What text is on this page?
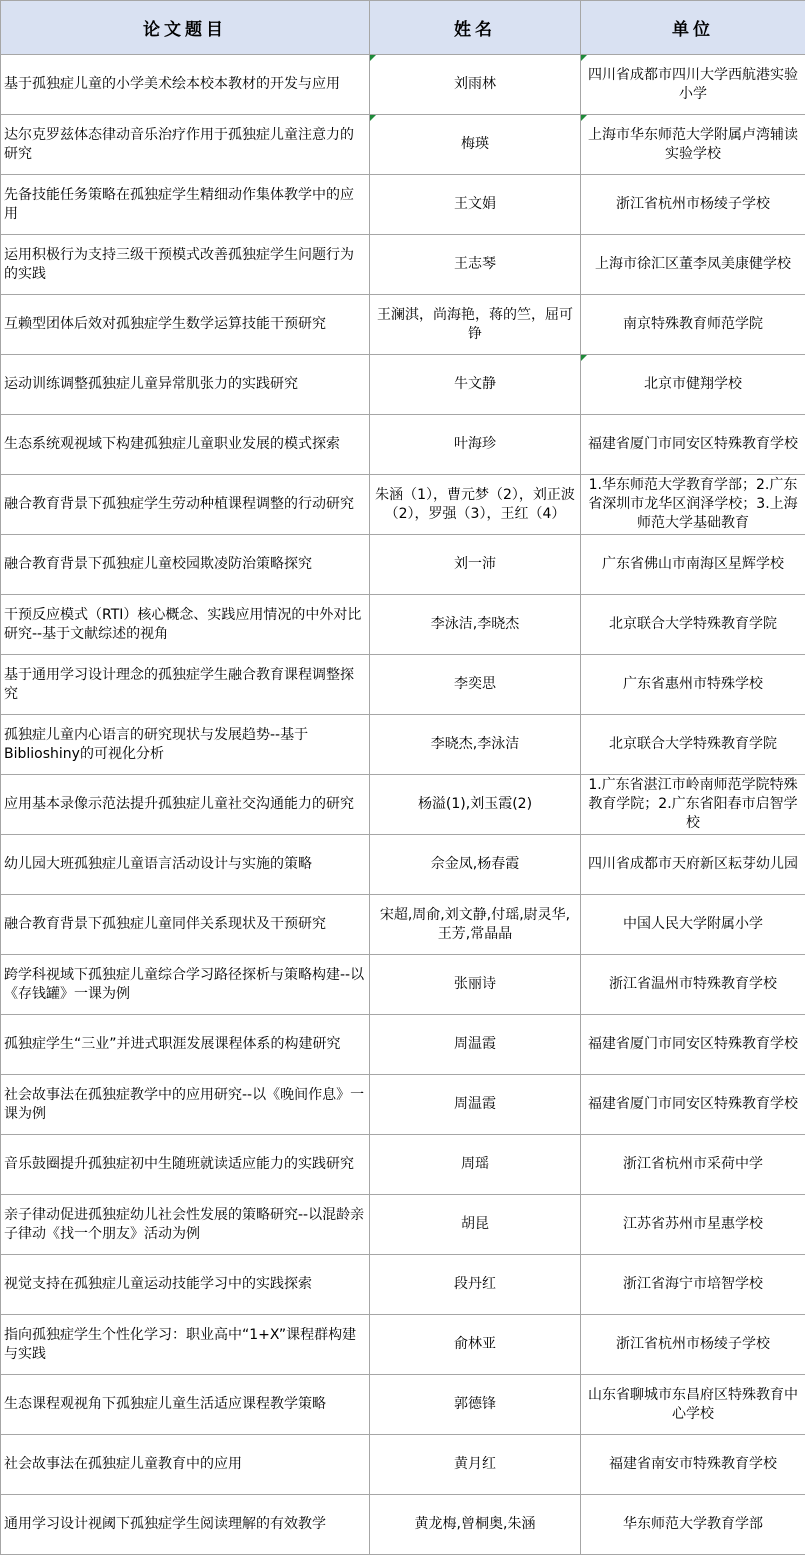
论文题目	姓名	单位
基于孤独症儿童的小学美术绘本校本教材的开发与应用	刘雨林	四川省成都市四川大学西航港实验小学
达尔克罗兹体态律动音乐治疗作用于孤独症儿童注意力的研究	梅瑛	上海市华东师范大学附属卢湾辅读实验学校
先备技能任务策略在孤独症学生精细动作集体教学中的应用	王文娟	浙江省杭州市杨绫子学校
运用积极行为支持三级干预模式改善孤独症学生问题行为的实践	王志琴	上海市徐汇区董李凤美康健学校
互赖型团体后效对孤独症学生数学运算技能干预研究	王澜淇，尚海艳，蒋的竺，屈可铮	南京特殊教育师范学院
运动训练调整孤独症儿童异常肌张力的实践研究	牛文静	北京市健翔学校
生态系统观视域下构建孤独症儿童职业发展的模式探索	叶海珍	福建省厦门市同安区特殊教育学校
融合教育背景下孤独症学生劳动种植课程调整的行动研究	朱涵（1），曹元梦（2），刘正波（2），罗强（3），王红（4）	1.华东师范大学教育学部；2.广东省深圳市龙华区润泽学校；3.上海师范大学基础教育
融合教育背景下孤独症儿童校园欺凌防治策略探究	刘一沛	广东省佛山市南海区星辉学校
干预反应模式（RTI）核心概念、实践应用情况的中外对比研究--基于文献综述的视角	李泳洁,李晓杰	北京联合大学特殊教育学院
基于通用学习设计理念的孤独症学生融合教育课程调整探究	李奕思	广东省惠州市特殊学校
孤独症儿童内心语言的研究现状与发展趋势--基于Biblioshiny的可视化分析	李晓杰,李泳洁	北京联合大学特殊教育学院
应用基本录像示范法提升孤独症儿童社交沟通能力的研究	杨溢(1),刘玉霞(2)	1.广东省湛江市岭南师范学院特殊教育学院；2.广东省阳春市启智学校
幼儿园大班孤独症儿童语言活动设计与实施的策略	佘金凤,杨春霞	四川省成都市天府新区耘芽幼儿园
融合教育背景下孤独症儿童同伴关系现状及干预研究	宋超,周俞,刘文静,付瑶,尉灵华,王芳,常晶晶	中国人民大学附属小学
跨学科视域下孤独症儿童综合学习路径探析与策略构建--以《存钱罐》一课为例	张丽诗	浙江省温州市特殊教育学校
孤独症学生“三业”并进式职涯发展课程体系的构建研究	周温霞	福建省厦门市同安区特殊教育学校
社会故事法在孤独症教学中的应用研究--以《晚间作息》一课为例	周温霞	福建省厦门市同安区特殊教育学校
音乐鼓圈提升孤独症初中生随班就读适应能力的实践研究	周瑶	浙江省杭州市采荷中学
亲子律动促进孤独症幼儿社会性发展的策略研究--以混龄亲子律动《找一个朋友》活动为例	胡昆	江苏省苏州市星惠学校
视觉支持在孤独症儿童运动技能学习中的实践探索	段丹红	浙江省海宁市培智学校
指向孤独症学生个性化学习：职业高中“1+X”课程群构建与实践	俞林亚	浙江省杭州市杨绫子学校
生态课程观视角下孤独症儿童生活适应课程教学策略	郭德锋	山东省聊城市东昌府区特殊教育中心学校
社会故事法在孤独症儿童教育中的应用	黄月红	福建省南安市特殊教育学校
通用学习设计视阈下孤独症学生阅读理解的有效教学	黄龙梅,曾桐奥,朱涵	华东师范大学教育学部
